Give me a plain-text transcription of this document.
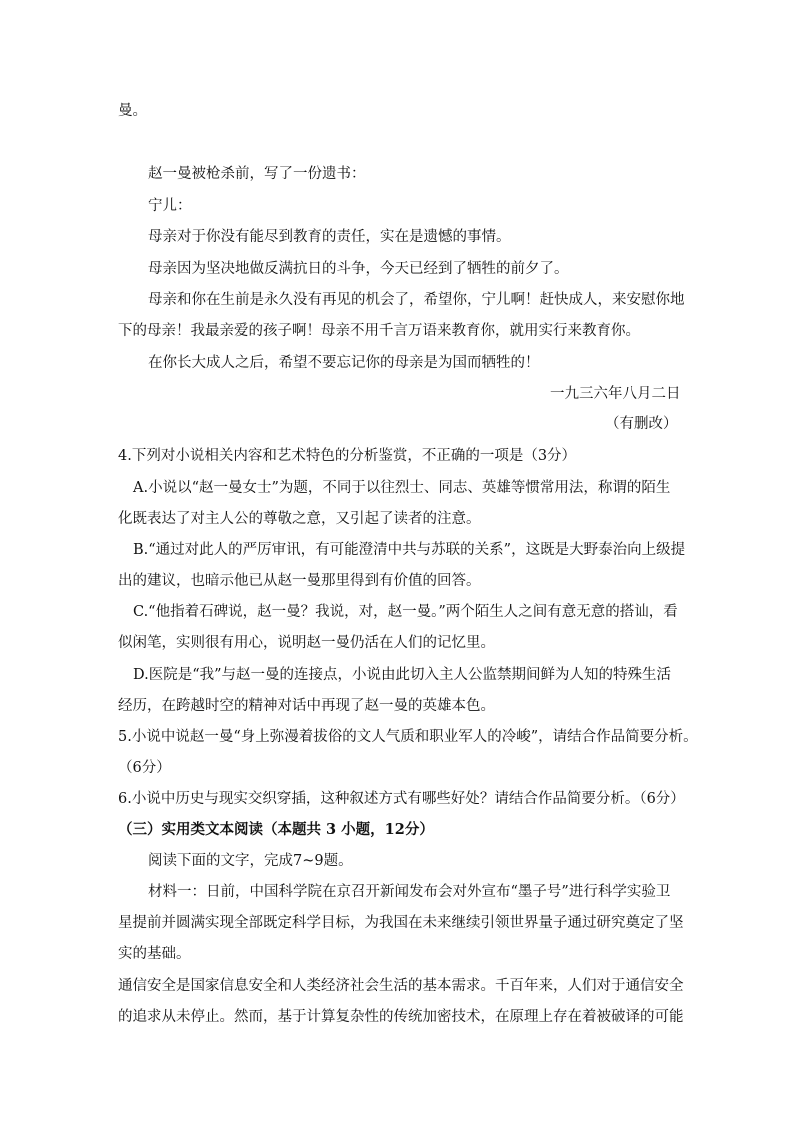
曼。
赵一曼被枪杀前，写了一份遗书：
宁儿：
母亲对于你没有能尽到教育的责任，实在是遗憾的事情。
母亲因为坚决地做反满抗日的斗争，今天已经到了牺牲的前夕了。
母亲和你在生前是永久没有再见的机会了，希望你，宁儿啊！赶快成人，来安慰你地
下的母亲！我最亲爱的孩子啊！母亲不用千言万语来教育你，就用实行来教育你。
在你长大成人之后，希望不要忘记你的母亲是为国而牺牲的！
一九三六年八月二日
（有删改）
4.下列对小说相关内容和艺术特色的分析鉴赏，不正确的一项是（3分）
A.小说以“赵一曼女士”为题，不同于以往烈士、同志、英雄等惯常用法，称谓的陌生
化既表达了对主人公的尊敬之意，又引起了读者的注意。
B.“通过对此人的严厉审讯，有可能澄清中共与苏联的关系”，这既是大野泰治向上级提
出的建议，也暗示他已从赵一曼那里得到有价值的回答。
C.“他指着石碑说，赵一曼？我说，对，赵一曼。”两个陌生人之间有意无意的搭讪，看
似闲笔，实则很有用心，说明赵一曼仍活在人们的记忆里。
D.医院是“我”与赵一曼的连接点，小说由此切入主人公监禁期间鲜为人知的特殊生活
经历，在跨越时空的精神对话中再现了赵一曼的英雄本色。
5.小说中说赵一曼“身上弥漫着拔俗的文人气质和职业军人的冷峻”，请结合作品简要分析。
（6分）
6.小说中历史与现实交织穿插，这种叙述方式有哪些好处？请结合作品简要分析。（6分）
（三）实用类文本阅读（本题共 3 小题，12分）
阅读下面的文字，完成7~9题。
材料一：日前，中国科学院在京召开新闻发布会对外宣布“墨子号”进行科学实验卫
星提前并圆满实现全部既定科学目标，为我国在未来继续引领世界量子通过研究奠定了坚
实的基础。
通信安全是国家信息安全和人类经济社会生活的基本需求。千百年来，人们对于通信安全
的追求从未停止。然而，基于计算复杂性的传统加密技术，在原理上存在着被破译的可能
